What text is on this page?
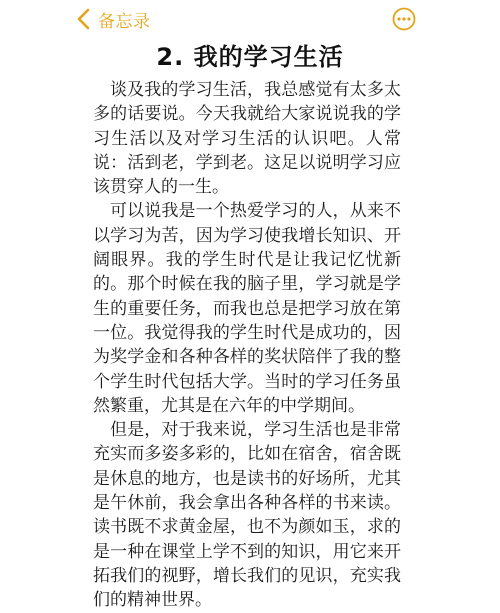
备忘录
2. 我的学习生活

谈及我的学习生活，我总感觉有太多太多的话要说。今天我就给大家说说我的学习生活以及对学习生活的认识吧。人常说：活到老，学到老。这足以说明学习应该贯穿人的一生。

可以说我是一个热爱学习的人，从来不以学习为苦，因为学习使我增长知识、开阔眼界。我的学生时代是让我记忆忧新的。那个时候在我的脑子里，学习就是学生的重要任务，而我也总是把学习放在第一位。我觉得我的学生时代是成功的，因为奖学金和各种各样的奖状陪伴了我的整个学生时代包括大学。当时的学习任务虽然繁重，尤其是在六年的中学期间。

但是，对于我来说，学习生活也是非常充实而多姿多彩的，比如在宿舍，宿舍既是休息的地方，也是读书的好场所，尤其是午休前，我会拿出各种各样的书来读。读书既不求黄金屋，也不为颜如玉，求的是一种在课堂上学不到的知识，用它来开拓我们的视野，增长我们的见识，充实我们的精神世界。
